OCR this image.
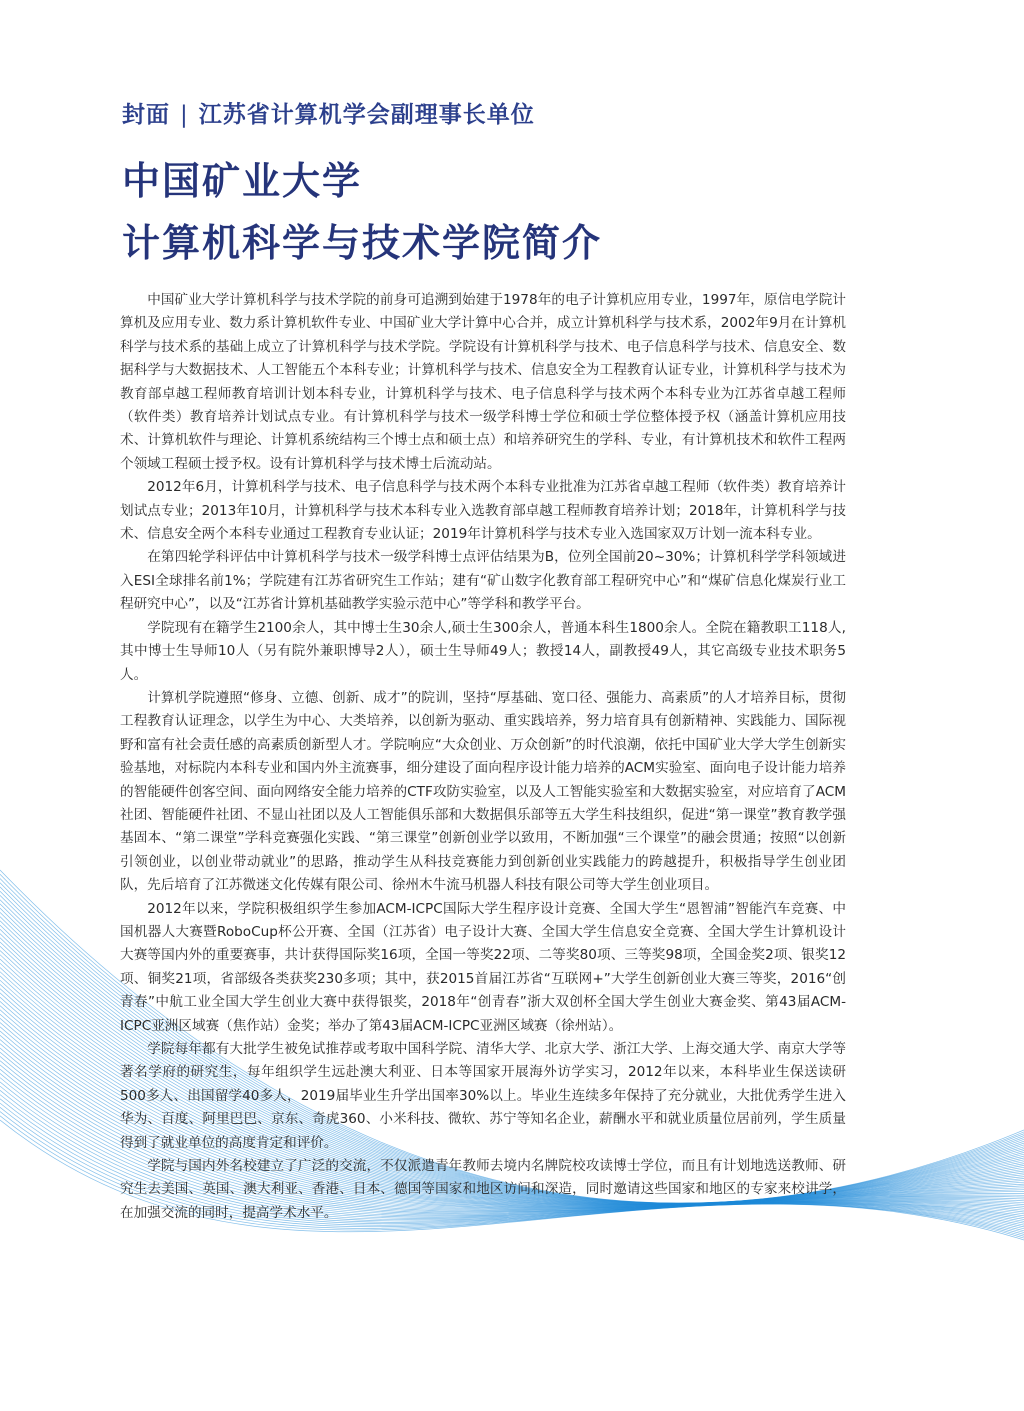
封面 | 江苏省计算机学会副理事长单位
中国矿业大学
计算机科学与技术学院简介

中国矿业大学计算机科学与技术学院的前身可追溯到始建于1978年的电子计算机应用专业，1997年，原信电学院计算机及应用专业、数力系计算机软件专业、中国矿业大学计算中心合并，成立计算机科学与技术系，2002年9月在计算机科学与技术系的基础上成立了计算机科学与技术学院。学院设有计算机科学与技术、电子信息科学与技术、信息安全、数据科学与大数据技术、人工智能五个本科专业；计算机科学与技术、信息安全为工程教育认证专业，计算机科学与技术为教育部卓越工程师教育培训计划本科专业，计算机科学与技术、电子信息科学与技术两个本科专业为江苏省卓越工程师（软件类）教育培养计划试点专业。有计算机科学与技术一级学科博士学位和硕士学位整体授予权（涵盖计算机应用技术、计算机软件与理论、计算机系统结构三个博士点和硕士点）和培养研究生的学科、专业，有计算机技术和软件工程两个领域工程硕士授予权。设有计算机科学与技术博士后流动站。

2012年6月，计算机科学与技术、电子信息科学与技术两个本科专业批准为江苏省卓越工程师（软件类）教育培养计划试点专业；2013年10月，计算机科学与技术本科专业入选教育部卓越工程师教育培养计划；2018年，计算机科学与技术、信息安全两个本科专业通过工程教育专业认证；2019年计算机科学与技术专业入选国家双万计划一流本科专业。

在第四轮学科评估中计算机科学与技术一级学科博士点评估结果为B，位列全国前20~30%；计算机科学学科领域进入ESI全球排名前1%；学院建有江苏省研究生工作站；建有“矿山数字化教育部工程研究中心”和“煤矿信息化煤炭行业工程研究中心”，以及“江苏省计算机基础教学实验示范中心”等学科和教学平台。

学院现有在籍学生2100余人，其中博士生30余人,硕士生300余人，普通本科生1800余人。全院在籍教职工118人,其中博士生导师10人（另有院外兼职博导2人），硕士生导师49人；教授14人，副教授49人，其它高级专业技术职务5人。

计算机学院遵照“修身、立德、创新、成才”的院训，坚持“厚基础、宽口径、强能力、高素质”的人才培养目标，贯彻工程教育认证理念，以学生为中心、大类培养，以创新为驱动、重实践培养，努力培育具有创新精神、实践能力、国际视野和富有社会责任感的高素质创新型人才。学院响应“大众创业、万众创新”的时代浪潮，依托中国矿业大学大学生创新实验基地，对标院内本科专业和国内外主流赛事，细分建设了面向程序设计能力培养的ACM实验室、面向电子设计能力培养的智能硬件创客空间、面向网络安全能力培养的CTF攻防实验室，以及人工智能实验室和大数据实验室，对应培育了ACM社团、智能硬件社团、不显山社团以及人工智能俱乐部和大数据俱乐部等五大学生科技组织，促进“第一课堂”教育教学强基固本、“第二课堂”学科竞赛强化实践、“第三课堂”创新创业学以致用，不断加强“三个课堂”的融会贯通；按照“以创新引领创业，以创业带动就业”的思路，推动学生从科技竞赛能力到创新创业实践能力的跨越提升，积极指导学生创业团队，先后培育了江苏微迷文化传媒有限公司、徐州木牛流马机器人科技有限公司等大学生创业项目。

2012年以来，学院积极组织学生参加ACM-ICPC国际大学生程序设计竞赛、全国大学生“恩智浦”智能汽车竞赛、中国机器人大赛暨RoboCup杯公开赛、全国（江苏省）电子设计大赛、全国大学生信息安全竞赛、全国大学生计算机设计大赛等国内外的重要赛事，共计获得国际奖16项，全国一等奖22项、二等奖80项、三等奖98项，全国金奖2项、银奖12项、铜奖21项，省部级各类获奖230多项；其中，获2015首届江苏省“互联网+”大学生创新创业大赛三等奖，2016“创青春”中航工业全国大学生创业大赛中获得银奖，2018年“创青春”浙大双创杯全国大学生创业大赛金奖、第43届ACM-ICPC亚洲区域赛（焦作站）金奖；举办了第43届ACM-ICPC亚洲区域赛（徐州站）。

学院每年都有大批学生被免试推荐或考取中国科学院、清华大学、北京大学、浙江大学、上海交通大学、南京大学等著名学府的研究生，每年组织学生远赴澳大利亚、日本等国家开展海外访学实习，2012年以来，本科毕业生保送读研500多人、出国留学40多人，2019届毕业生升学出国率30%以上。毕业生连续多年保持了充分就业，大批优秀学生进入华为、百度、阿里巴巴、京东、奇虎360、小米科技、微软、苏宁等知名企业，薪酬水平和就业质量位居前列，学生质量得到了就业单位的高度肯定和评价。

学院与国内外名校建立了广泛的交流，不仅派遣青年教师去境内名牌院校攻读博士学位，而且有计划地选送教师、研究生去美国、英国、澳大利亚、香港、日本、德国等国家和地区访问和深造，同时邀请这些国家和地区的专家来校讲学，在加强交流的同时，提高学术水平。
